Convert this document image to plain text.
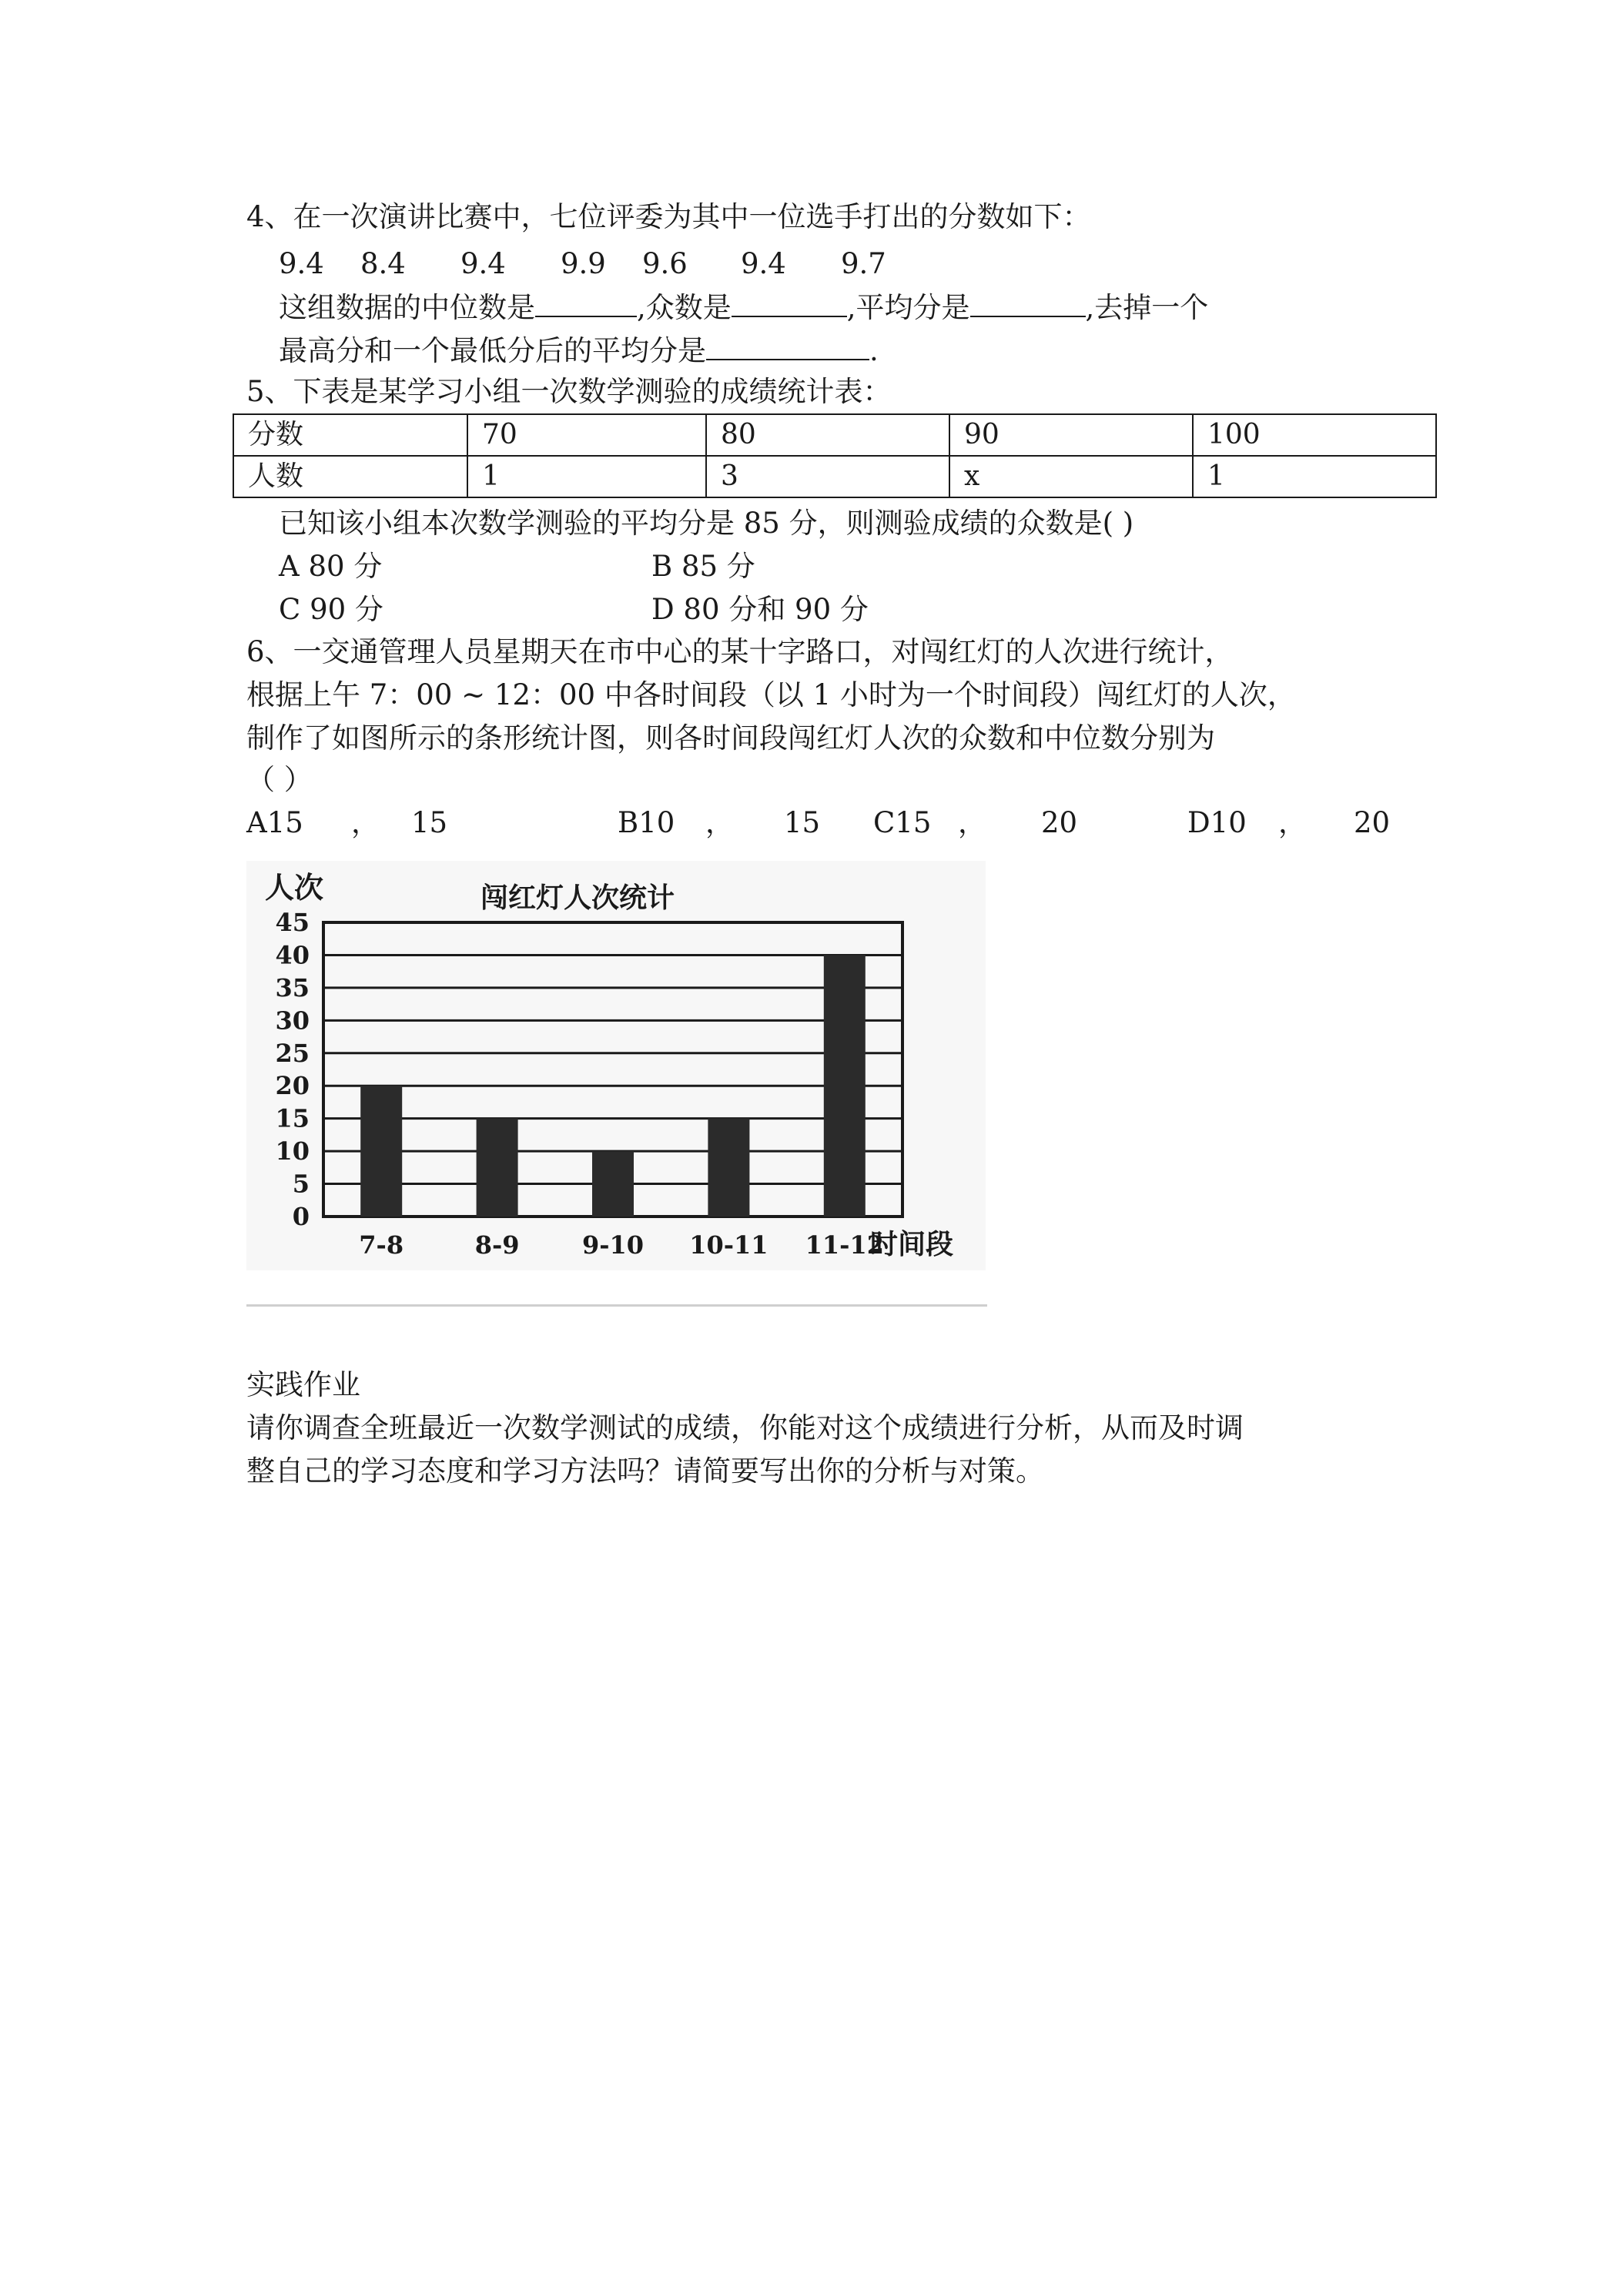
4、在一次演讲比赛中，七位评委为其中一位选手打出的分数如下：
9.4 8.4 9.4 9.9 9.6 9.4 9.7
这组数据的中位数是	,众数是	,平均分是	,去掉一个
最高分和一个最低分后的平均分是	.
5、下表是某学习小组一次数学测验的成绩统计表：
分数	70	80	90	100
人数	1	3	x	1
已知该小组本次数学测验的平均分是 85 分，则测验成绩的众数是( )
A 80 分	B 85 分
C 90 分	D 80 分和 90 分
6、一交通管理人员星期天在市中心的某十字路口，对闯红灯的人次进行统计，
根据上午 7：00 ~ 12：00 中各时间段（以 1 小时为一个时间段）闯红灯的人次，
制作了如图所示的条形统计图，则各时间段闯红灯人次的众数和中位数分别为
（ ）
A15 ， 15	B10 ， 15 C15 ， 20	D10 ， 20
0
5
10
15
20
25
30
35
40
45
7-8	8-9	9-10 10-11 11-12
闯红灯人次统计
人次
时间段
实践作业
请你调查全班最近一次数学测试的成绩，你能对这个成绩进行分析，从而及时调
整自己的学习态度和学习方法吗？请简要写出你的分析与对策。
